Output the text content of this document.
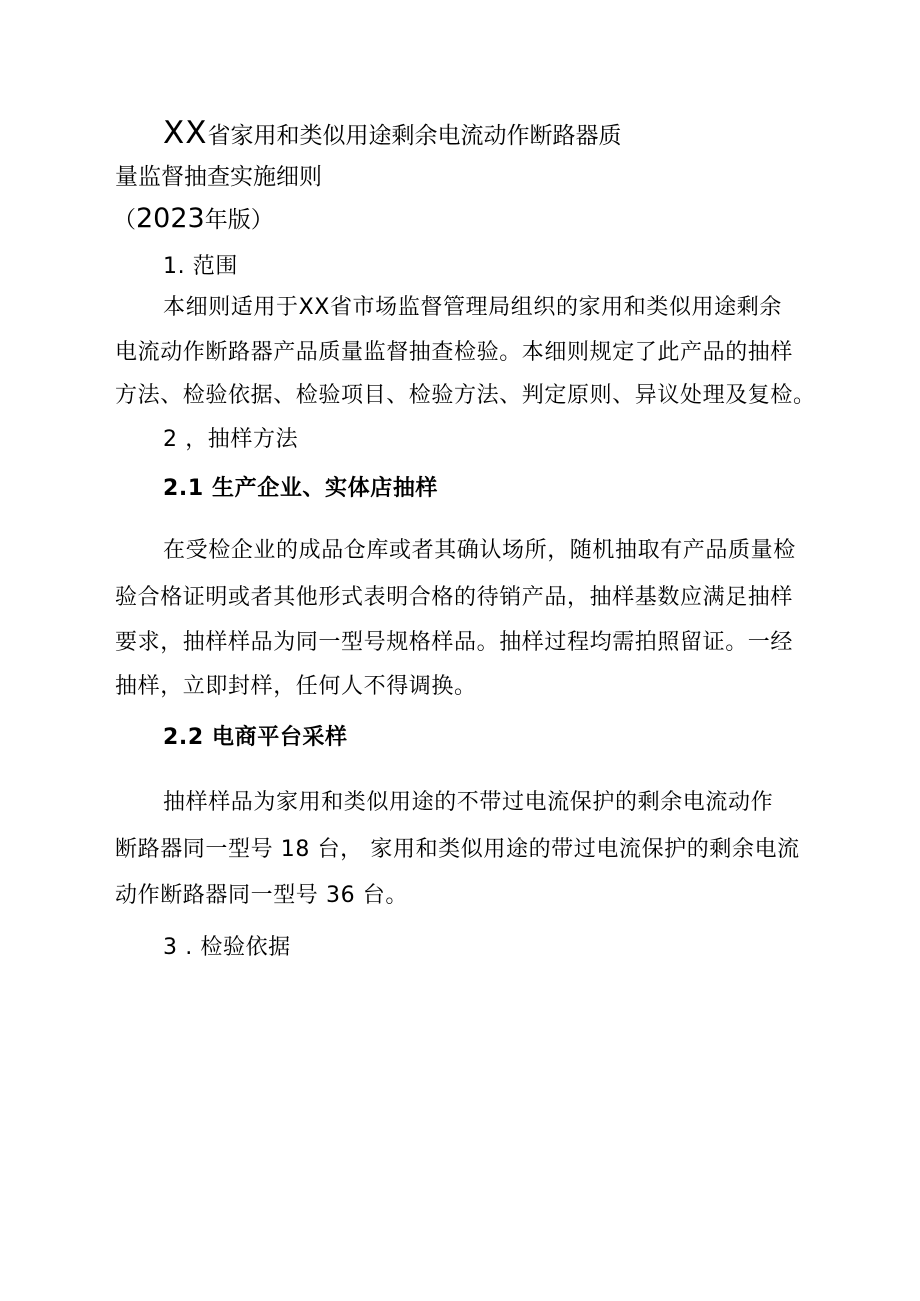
XX省家用和类似用途剩余电流动作断路器质
量监督抽查实施细则
（2023年版）
1. 范围
本细则适用于XX省市场监督管理局组织的家用和类似用途剩余
电流动作断路器产品质量监督抽查检验。本细则规定了此产品的抽样
方法、检验依据、检验项目、检验方法、判定原则、异议处理及复检。
2 ，抽样方法
2.1 生产企业、实体店抽样
在受检企业的成品仓库或者其确认场所，随机抽取有产品质量检
验合格证明或者其他形式表明合格的待销产品，抽样基数应满足抽样
要求，抽样样品为同一型号规格样品。抽样过程均需拍照留证。一经
抽样，立即封样，任何人不得调换。
2.2 电商平台采样
抽样样品为家用和类似用途的不带过电流保护的剩余电流动作
断路器同一型号 18 台， 家用和类似用途的带过电流保护的剩余电流
动作断路器同一型号 36 台。
3 . 检验依据
